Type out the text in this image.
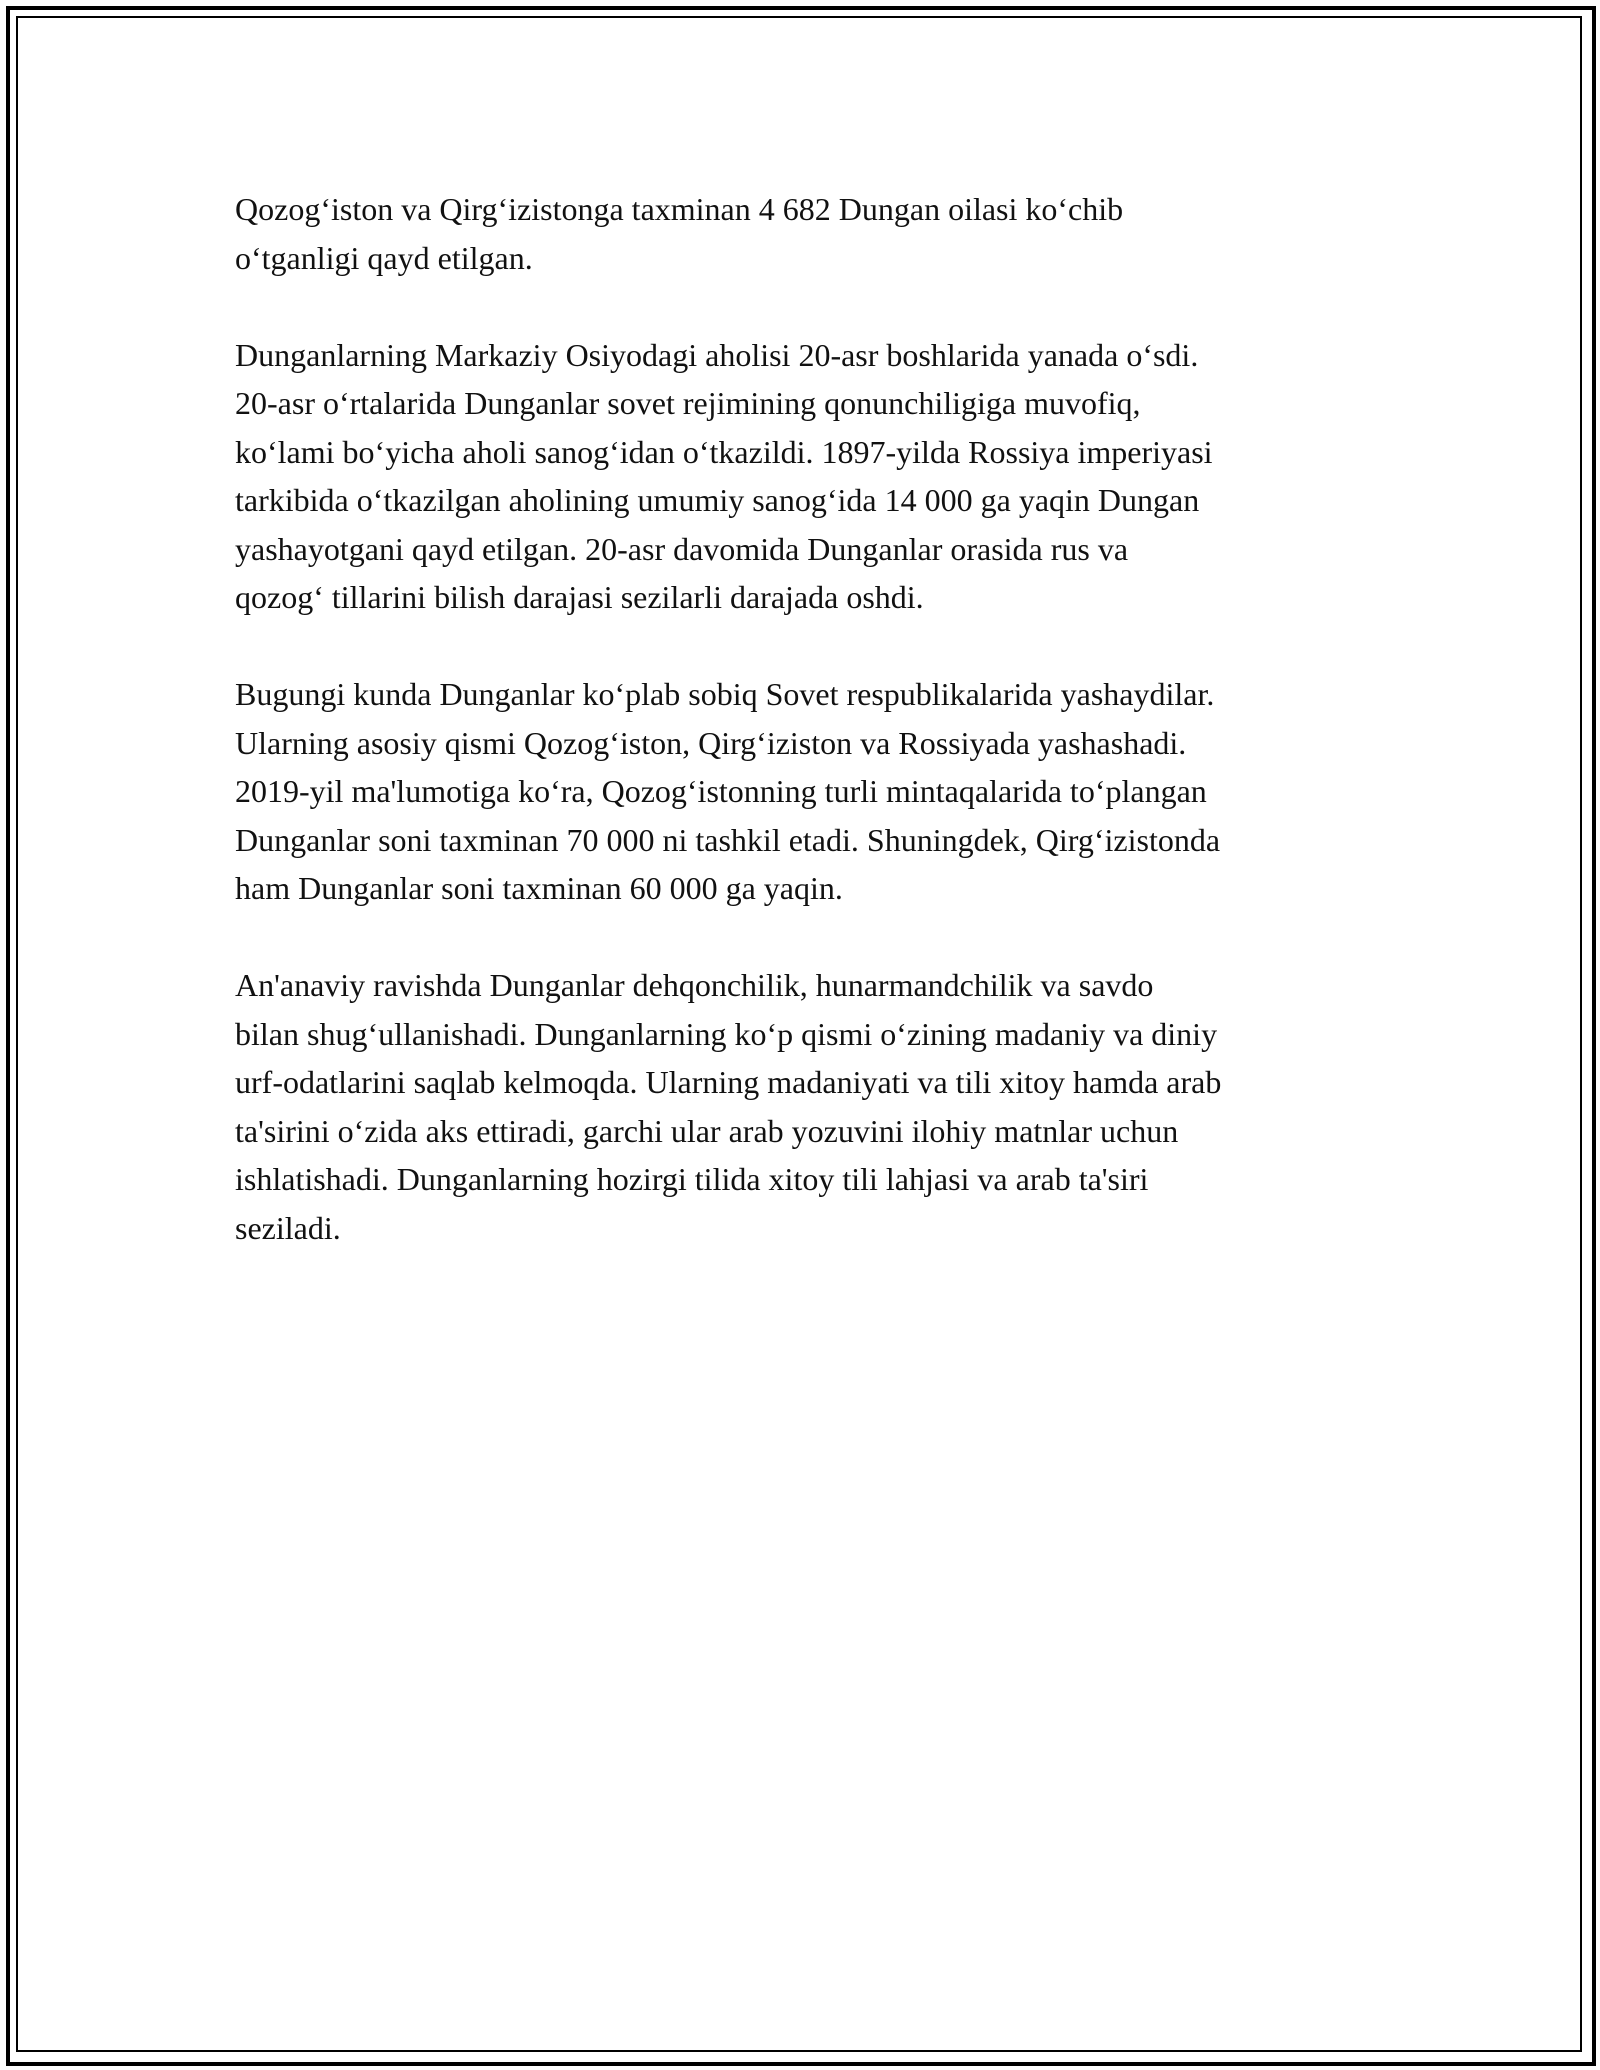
Qozog‘iston va Qirg‘izistonga taxminan 4 682 Dungan oilasi ko‘chib
o‘tganligi qayd etilgan.

Dunganlarning Markaziy Osiyodagi aholisi 20-asr boshlarida yanada o‘sdi.
20-asr o‘rtalarida Dunganlar sovet rejimining qonunchiligiga muvofiq,
ko‘lami bo‘yicha aholi sanog‘idan o‘tkazildi. 1897-yilda Rossiya imperiyasi
tarkibida o‘tkazilgan aholining umumiy sanog‘ida 14 000 ga yaqin Dungan
yashayotgani qayd etilgan. 20-asr davomida Dunganlar orasida rus va
qozog‘ tillarini bilish darajasi sezilarli darajada oshdi.

Bugungi kunda Dunganlar ko‘plab sobiq Sovet respublikalarida yashaydilar.
Ularning asosiy qismi Qozog‘iston, Qirg‘iziston va Rossiyada yashashadi.
2019-yil ma'lumotiga ko‘ra, Qozog‘istonning turli mintaqalarida to‘plangan
Dunganlar soni taxminan 70 000 ni tashkil etadi. Shuningdek, Qirg‘izistonda
ham Dunganlar soni taxminan 60 000 ga yaqin.

An'anaviy ravishda Dunganlar dehqonchilik, hunarmandchilik va savdo
bilan shug‘ullanishadi. Dunganlarning ko‘p qismi o‘zining madaniy va diniy
urf-odatlarini saqlab kelmoqda. Ularning madaniyati va tili xitoy hamda arab
ta'sirini o‘zida aks ettiradi, garchi ular arab yozuvini ilohiy matnlar uchun
ishlatishadi. Dunganlarning hozirgi tilida xitoy tili lahjasi va arab ta'siri
seziladi.
